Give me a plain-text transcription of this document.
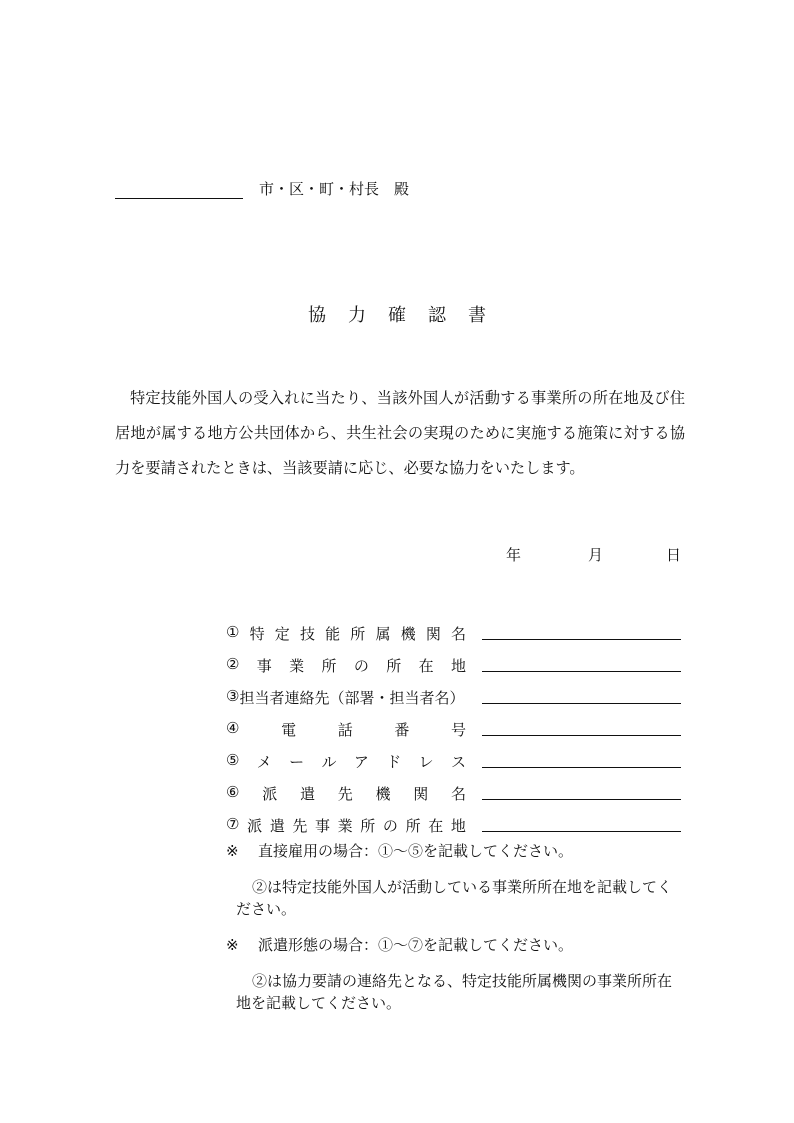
市・区・町・村長　殿
協 力 確 認 書
特定技能外国人の受入れに当たり、当該外国人が活動する事業所の所在地及び住居地が属する地方公共団体から、共生社会の実現のために実施する施策に対する協力を要請されたときは、当該要請に応じ、必要な協力をいたします。
年	月	日
① 特 定 技 能 所 属 機 関 名
② 事 業 所 の 所 在 地
③ 担当者連絡先（部署・担当者名）
④	電	話	番	号
⑤ メ ー ル ア ド レ ス
⑥ 派 遣 先 機 関 名
⑦ 派 遣 先 事 業 所 の 所 在 地
※	直接雇用の場合：①～⑤を記載してください。
②は特定技能外国人が活動している事業所所在地を記載してください。
※	派遣形態の場合：①～⑦を記載してください。
②は協力要請の連絡先となる、特定技能所属機関の事業所所在地を記載してください。
